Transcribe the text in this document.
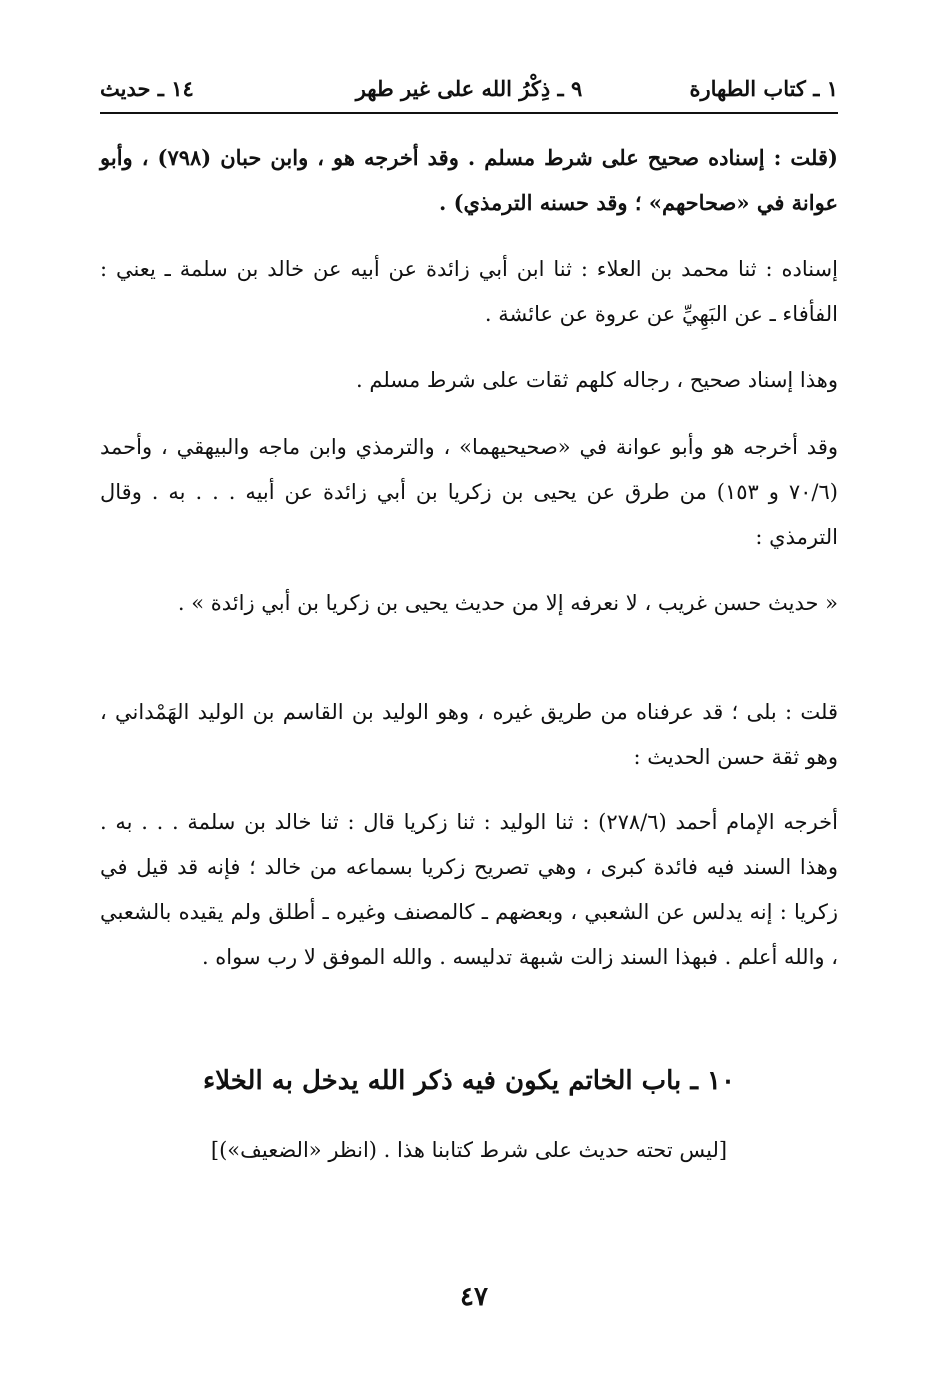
١ ـ كتاب الطهارة
٩ ـ ذِكْرُ الله على غير طهر
١٤ ـ حديث

(قلت : إسناده صحيح على شرط مسلم . وقد أخرجه هو ، وابن حبان (٧٩٨) ، وأبو عوانة في «صحاحهم» ؛ وقد حسنه الترمذي) .

إسناده : ثنا محمد بن العلاء : ثنا ابن أبي زائدة عن أبيه عن خالد بن سلمة ـ يعني : الفأفاء ـ عن البَهِيِّ عن عروة عن عائشة .

وهذا إسناد صحيح ، رجاله كلهم ثقات على شرط مسلم .

وقد أخرجه هو وأبو عوانة في «صحيحيهما» ، والترمذي وابن ماجه والبيهقي ، وأحمد (٧٠/٦ و ١٥٣) من طرق عن يحيى بن زكريا بن أبي زائدة عن أبيه . . . به . وقال الترمذي :

« حديث حسن غريب ، لا نعرفه إلا من حديث يحيى بن زكريا بن أبي زائدة » .

قلت : بلى ؛ قد عرفناه من طريق غيره ، وهو الوليد بن القاسم بن الوليد الهَمْداني ، وهو ثقة حسن الحديث :

أخرجه الإمام أحمد (٢٧٨/٦) : ثنا الوليد : ثنا زكريا قال : ثنا خالد بن سلمة . . . به . وهذا السند فيه فائدة كبرى ، وهي تصريح زكريا بسماعه من خالد ؛ فإنه قد قيل في زكريا : إنه يدلس عن الشعبي ، وبعضهم ـ كالمصنف وغيره ـ أطلق ولم يقيده بالشعبي ، والله أعلم . فبهذا السند زالت شبهة تدليسه . والله الموفق لا رب سواه .

١٠ ـ باب الخاتم يكون فيه ذكر الله يدخل به الخلاء

[ليس تحته حديث على شرط كتابنا هذا . (انظر «الضعيف»)]

٤٧
